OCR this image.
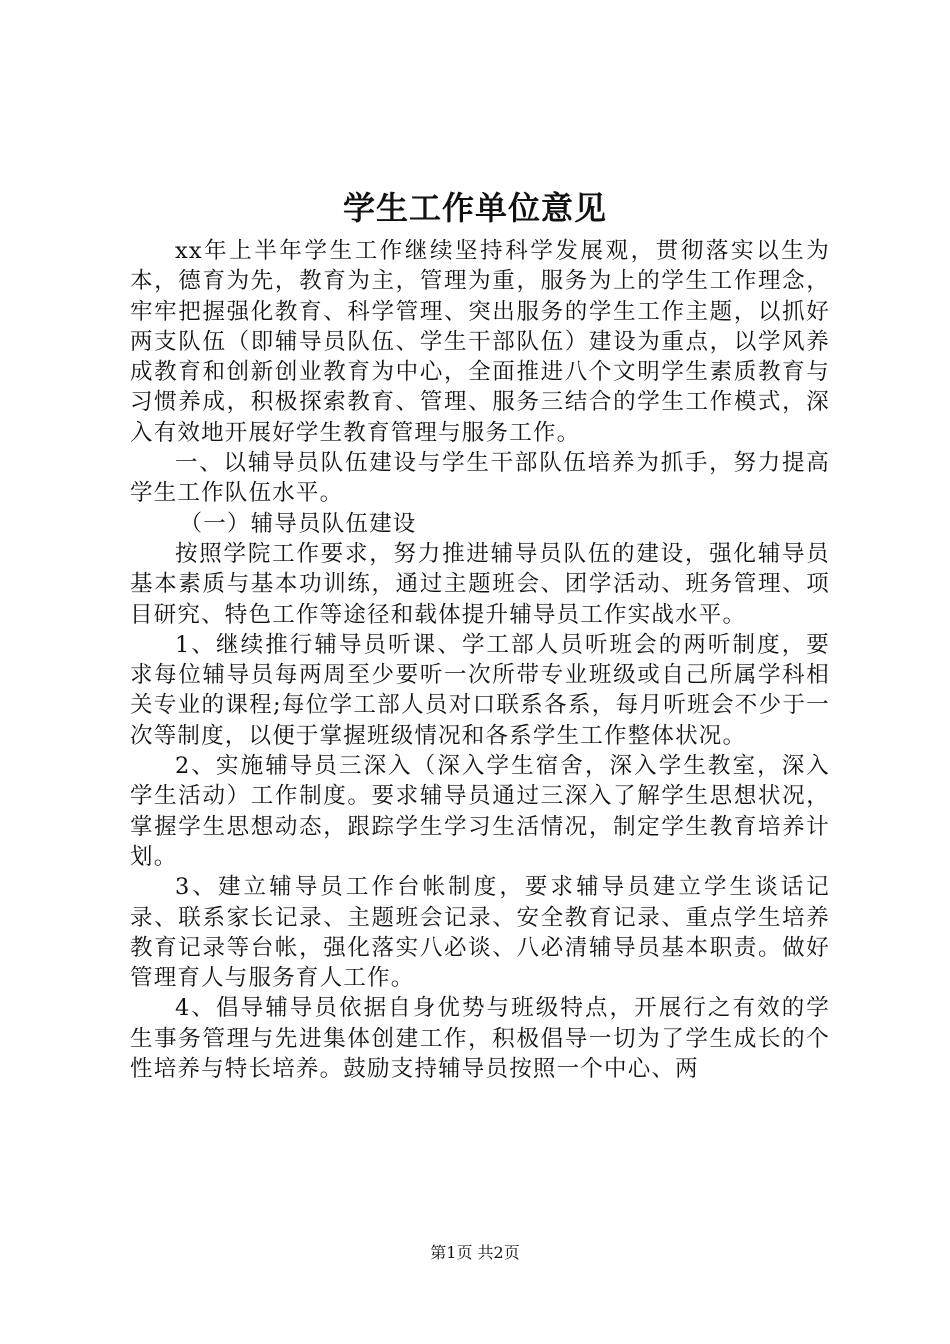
学生工作单位意见

xx年上半年学生工作继续坚持科学发展观，贯彻落实以生为本，德育为先，教育为主，管理为重，服务为上的学生工作理念，牢牢把握强化教育、科学管理、突出服务的学生工作主题，以抓好两支队伍（即辅导员队伍、学生干部队伍）建设为重点，以学风养成教育和创新创业教育为中心，全面推进八个文明学生素质教育与习惯养成，积极探索教育、管理、服务三结合的学生工作模式，深入有效地开展好学生教育管理与服务工作。

一、以辅导员队伍建设与学生干部队伍培养为抓手，努力提高学生工作队伍水平。

（一）辅导员队伍建设

按照学院工作要求，努力推进辅导员队伍的建设，强化辅导员基本素质与基本功训练，通过主题班会、团学活动、班务管理、项目研究、特色工作等途径和载体提升辅导员工作实战水平。

1、继续推行辅导员听课、学工部人员听班会的两听制度，要求每位辅导员每两周至少要听一次所带专业班级或自己所属学科相关专业的课程;每位学工部人员对口联系各系，每月听班会不少于一次等制度，以便于掌握班级情况和各系学生工作整体状况。

2、实施辅导员三深入（深入学生宿舍，深入学生教室，深入学生活动）工作制度。要求辅导员通过三深入了解学生思想状况，掌握学生思想动态，跟踪学生学习生活情况，制定学生教育培养计划。

3、建立辅导员工作台帐制度，要求辅导员建立学生谈话记录、联系家长记录、主题班会记录、安全教育记录、重点学生培养教育记录等台帐，强化落实八必谈、八必清辅导员基本职责。做好管理育人与服务育人工作。

4、倡导辅导员依据自身优势与班级特点，开展行之有效的学生事务管理与先进集体创建工作，积极倡导一切为了学生成长的个性培养与特长培养。鼓励支持辅导员按照一个中心、两

第1页 共2页
